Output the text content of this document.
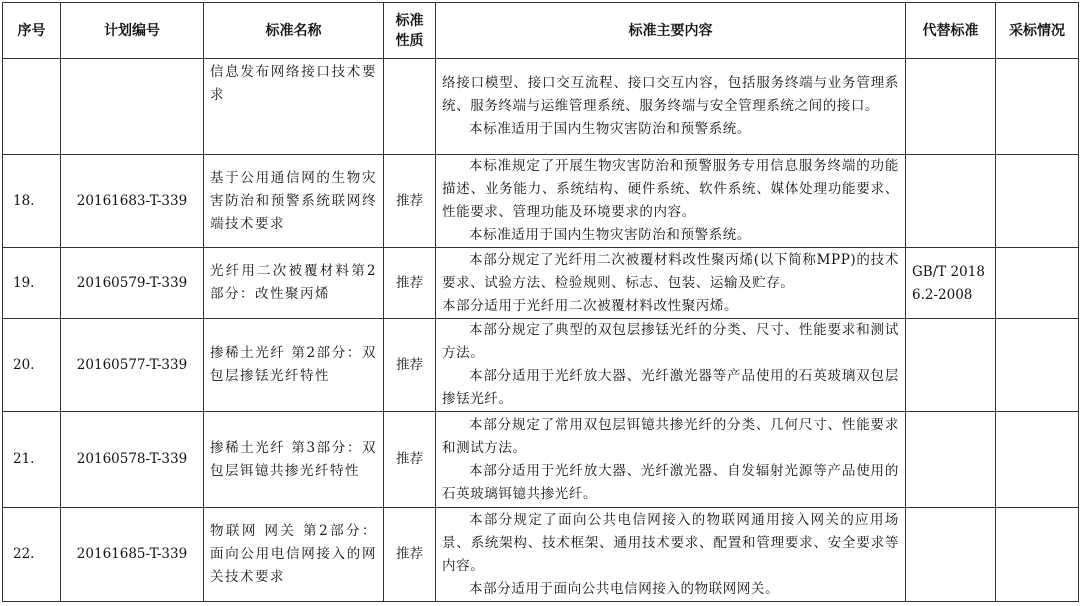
序号	计划编号	标准名称	标准性质	标准主要内容	代替标准	采标情况
		信息发布网络接口技术要求		络接口模型、接口交互流程、接口交互内容，包括服务终端与业务管理系统、服务终端与运维管理系统、服务终端与安全管理系统之间的接口。
本标准适用于国内生物灾害防治和预警系统。		

18.	20161683-T-339	基于公用通信网的生物灾害防治和预警系统联网终端技术要求	推荐	本标准规定了开展生物灾害防治和预警服务专用信息服务终端的功能描述、业务能力、系统结构、硬件系统、软件系统、媒体处理功能要求、性能要求、管理功能及环境要求的内容。
本标准适用于国内生物灾害防治和预警系统。		

19.	20160579-T-339	光纤用二次被覆材料第2部分：改性聚丙烯	推荐	本部分规定了光纤用二次被覆材料改性聚丙烯(以下简称MPP)的技术要求、试验方法、检验规则、标志、包装、运输及贮存。
本部分适用于光纤用二次被覆材料改性聚丙烯。	GB/T 20186.2-2008	
20.	20160577-T-339	掺稀土光纤 第2部分：双包层掺铥光纤特性	推荐	本部分规定了典型的双包层掺铥光纤的分类、尺寸、性能要求和测试方法。
本部分适用于光纤放大器、光纤激光器等产品使用的石英玻璃双包层掺铥光纤。		

21.	20160578-T-339	掺稀土光纤 第3部分：双包层铒镱共掺光纤特性	推荐	本部分规定了常用双包层铒镱共掺光纤的分类、几何尺寸、性能要求和测试方法。
本部分适用于光纤放大器、光纤激光器、自发辐射光源等产品使用的石英玻璃铒镱共掺光纤。		

22.	20161685-T-339	物联网 网关 第2部分：面向公用电信网接入的网关技术要求	推荐	本部分规定了面向公共电信网接入的物联网通用接入网关的应用场景、系统架构、技术框架、通用技术要求、配置和管理要求、安全要求等内容。
本部分适用于面向公共电信网接入的物联网网关。		
